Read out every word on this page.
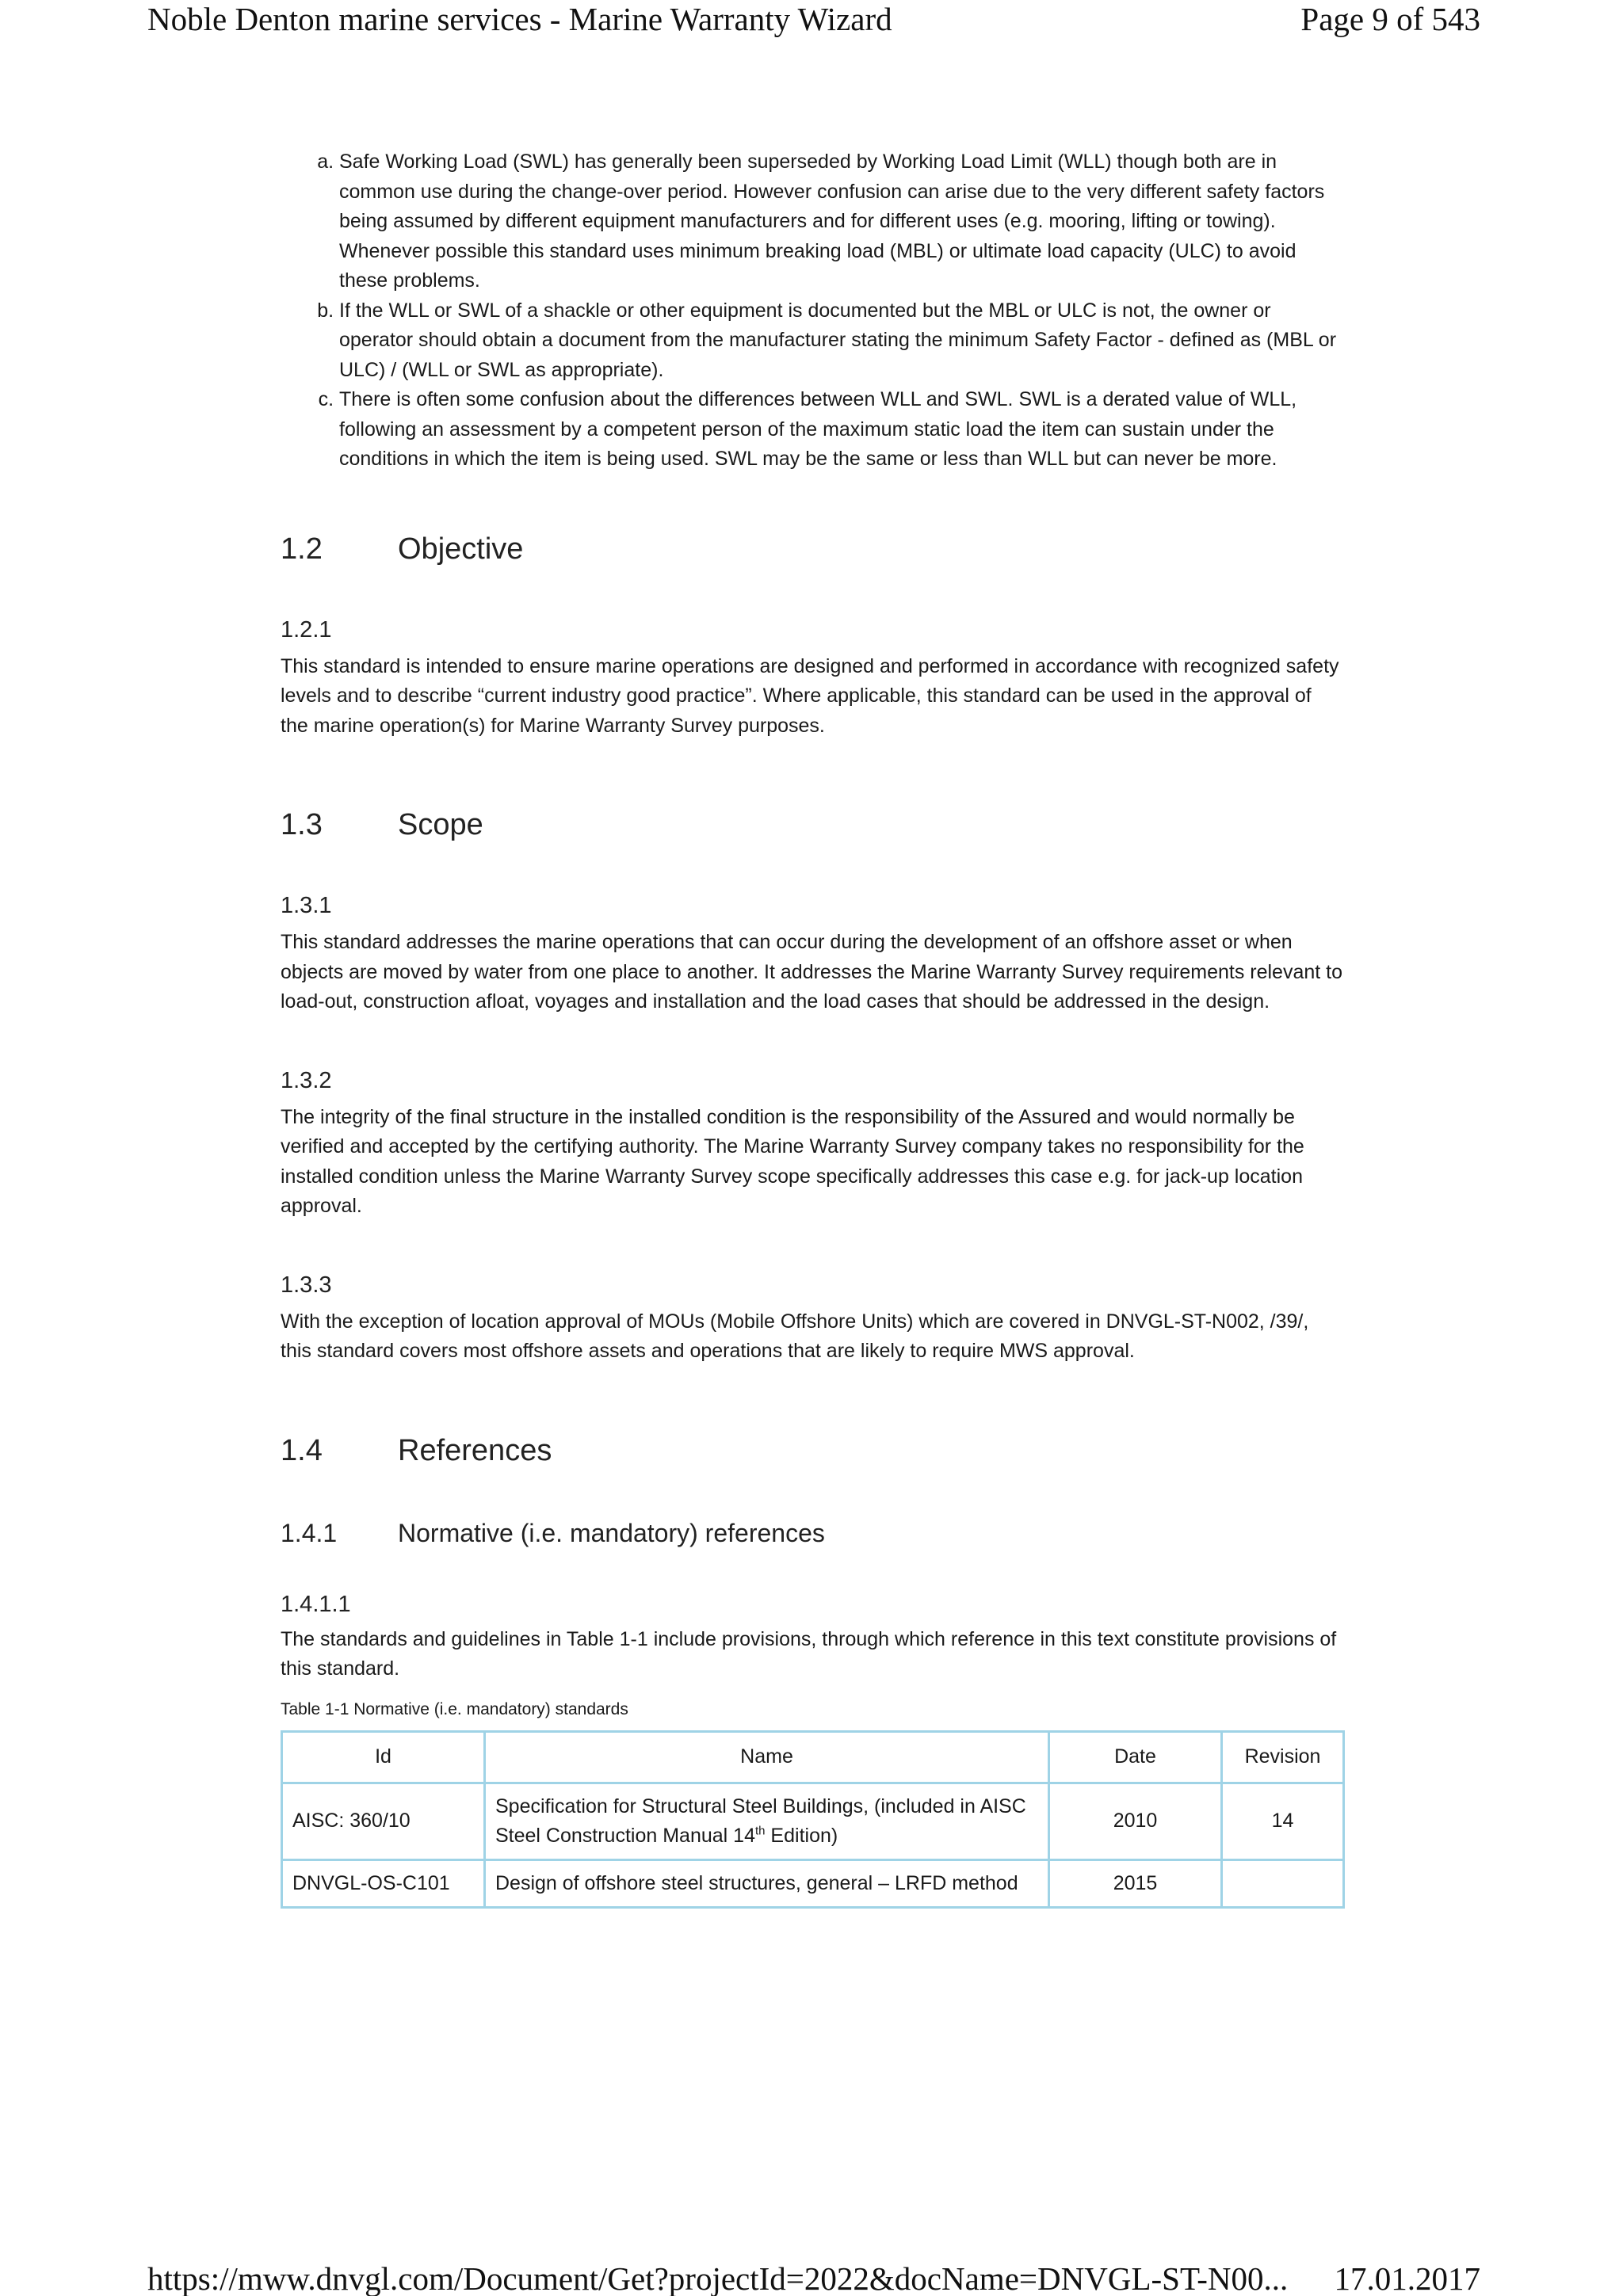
Noble Denton marine services - Marine Warranty Wizard	Page 9 of 543
a. Safe Working Load (SWL) has generally been superseded by Working Load Limit (WLL) though both are in common use during the change-over period. However confusion can arise due to the very different safety factors being assumed by different equipment manufacturers and for different uses (e.g. mooring, lifting or towing). Whenever possible this standard uses minimum breaking load (MBL) or ultimate load capacity (ULC) to avoid these problems.
b. If the WLL or SWL of a shackle or other equipment is documented but the MBL or ULC is not, the owner or operator should obtain a document from the manufacturer stating the minimum Safety Factor - defined as (MBL or ULC) / (WLL or SWL as appropriate).
c. There is often some confusion about the differences between WLL and SWL. SWL is a derated value of WLL, following an assessment by a competent person of the maximum static load the item can sustain under the conditions in which the item is being used. SWL may be the same or less than WLL but can never be more.
1.2	Objective
1.2.1

This standard is intended to ensure marine operations are designed and performed in accordance with recognized safety levels and to describe “current industry good practice”. Where applicable, this standard can be used in the approval of the marine operation(s) for Marine Warranty Survey purposes.

1.3	Scope
1.3.1

This standard addresses the marine operations that can occur during the development of an offshore asset or when objects are moved by water from one place to another. It addresses the Marine Warranty Survey requirements relevant to load-out, construction afloat, voyages and installation and the load cases that should be addressed in the design.

1.3.2

The integrity of the final structure in the installed condition is the responsibility of the Assured and would normally be verified and accepted by the certifying authority. The Marine Warranty Survey company takes no responsibility for the installed condition unless the Marine Warranty Survey scope specifically addresses this case e.g. for jack-up location approval.

1.3.3

With the exception of location approval of MOUs (Mobile Offshore Units) which are covered in DNVGL-ST-N002, /39/, this standard covers most offshore assets and operations that are likely to require MWS approval.

1.4	References
1.4.1 Normative (i.e. mandatory) references
1.4.1.1

The standards and guidelines in Table 1-1 include provisions, through which reference in this text constitute provisions of this standard.

Table 1-1 Normative (i.e. mandatory) standards

Id	Name	Date	Revision
AISC: 360/10	Specification for Structural Steel Buildings, (included in AISC Steel Construction Manual 14th Edition)	2010	14
DNVGL-OS-C101	Design of offshore steel structures, general – LRFD method	2015	
https://mww.dnvgl.com/Document/Get?projectId=2022&docName=DNVGL-ST-N00... 17.01.2017
